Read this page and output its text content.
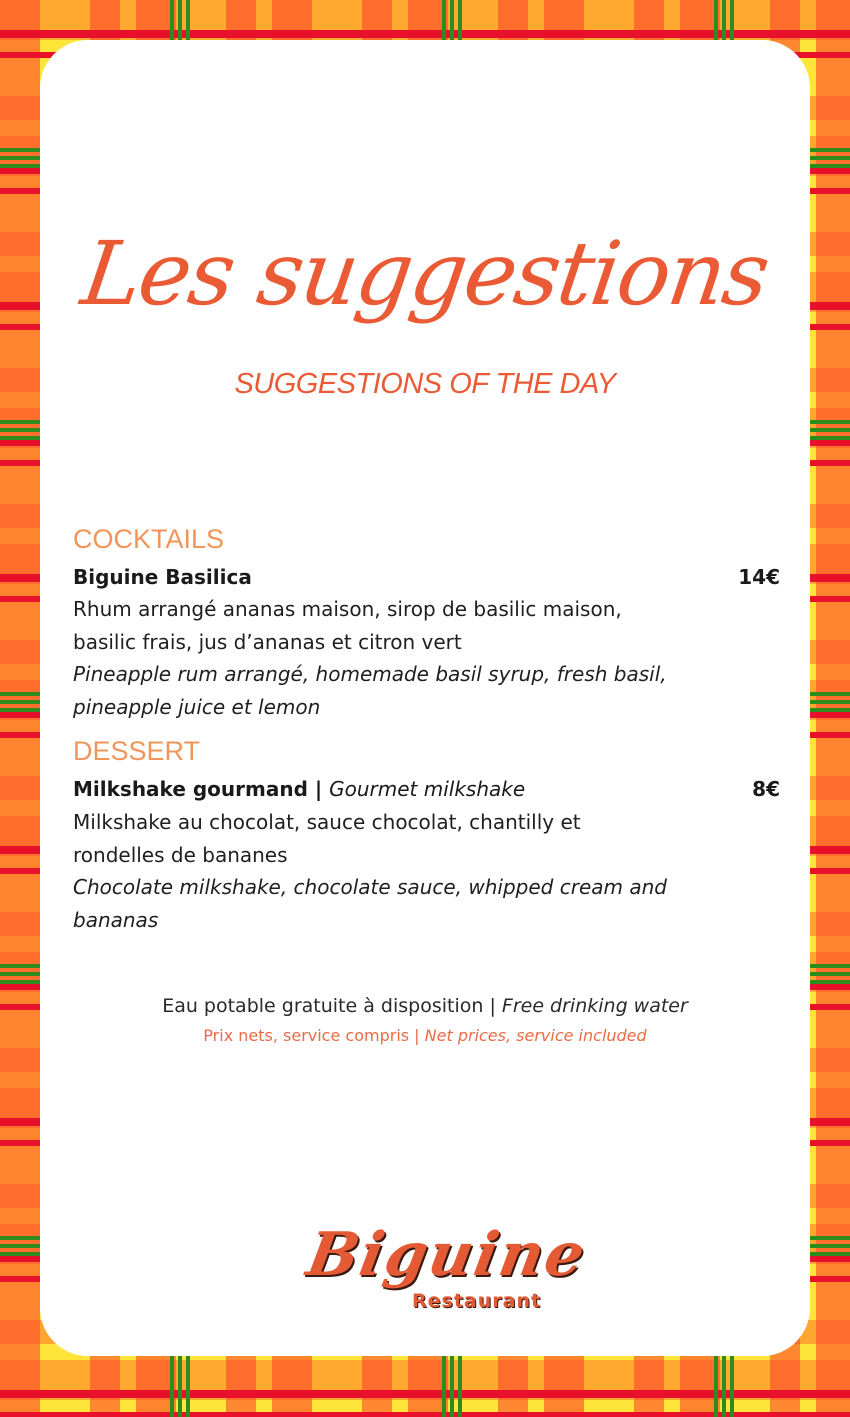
Les suggestions
SUGGESTIONS OF THE DAY
COCKTAILS
Biguine Basilica	14€
Rhum arrangé ananas maison, sirop de basilic maison, basilic frais, jus d’ananas et citron vert
Pineapple rum arrangé, homemade basil syrup, fresh basil, pineapple juice et lemon
DESSERT
Milkshake gourmand | Gourmet milkshake	8€
Milkshake au chocolat, sauce chocolat, chantilly et rondelles de bananes
Chocolate milkshake, chocolate sauce, whipped cream and bananas
Eau potable gratuite à disposition | Free drinking water
Prix nets, service compris | Net prices, service included
Biguine
Restaurant
